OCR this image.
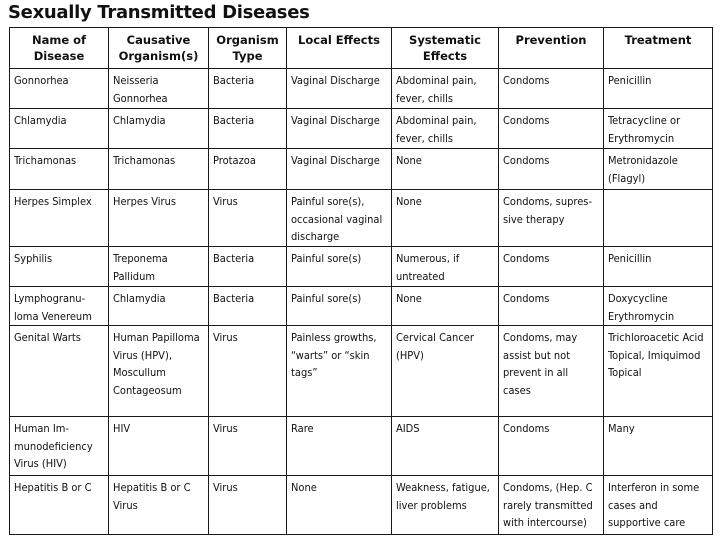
Sexually Transmitted Diseases
Name of Disease	Causative Organism(s)	Organism Type	Local Effects	Systematic Effects	Prevention	Treatment
Gonnorhea	Neisseria Gonnorhea	Bacteria	Vaginal Discharge	Abdominal pain, fever, chills	Condoms	Penicillin
Chlamydia	Chlamydia	Bacteria	Vaginal Discharge	Abdominal pain, fever, chills	Condoms	Tetracycline or Erythromycin
Trichamonas	Trichamonas	Protazoa	Vaginal Discharge	None	Condoms	Metronidazole (Flagyl)
Herpes Simplex	Herpes Virus	Virus	Painful sore(s), occasional vaginal discharge	None	Condoms, supres-sive therapy	
Syphilis	Treponema Pallidum	Bacteria	Painful sore(s)	Numerous, if untreated	Condoms	Penicillin
Lymphogranu-loma Venereum	Chlamydia	Bacteria	Painful sore(s)	None	Condoms	Doxycycline Erythromycin
Genital Warts	Human Papilloma Virus (HPV), Moscullum Contageosum	Virus	Painless growths, “warts” or “skin tags”	Cervical Cancer (HPV)	Condoms, may assist but not prevent in all cases	Trichloroacetic Acid Topical, Imiquimod Topical
Human Im-munodeficiency Virus (HIV)	HIV	Virus	Rare	AIDS	Condoms	Many
Hepatitis B or C	Hepatitis B or C Virus	Virus	None	Weakness, fatigue, liver problems	Condoms, (Hep. C rarely transmitted with intercourse)	Interferon in some cases and supportive care
